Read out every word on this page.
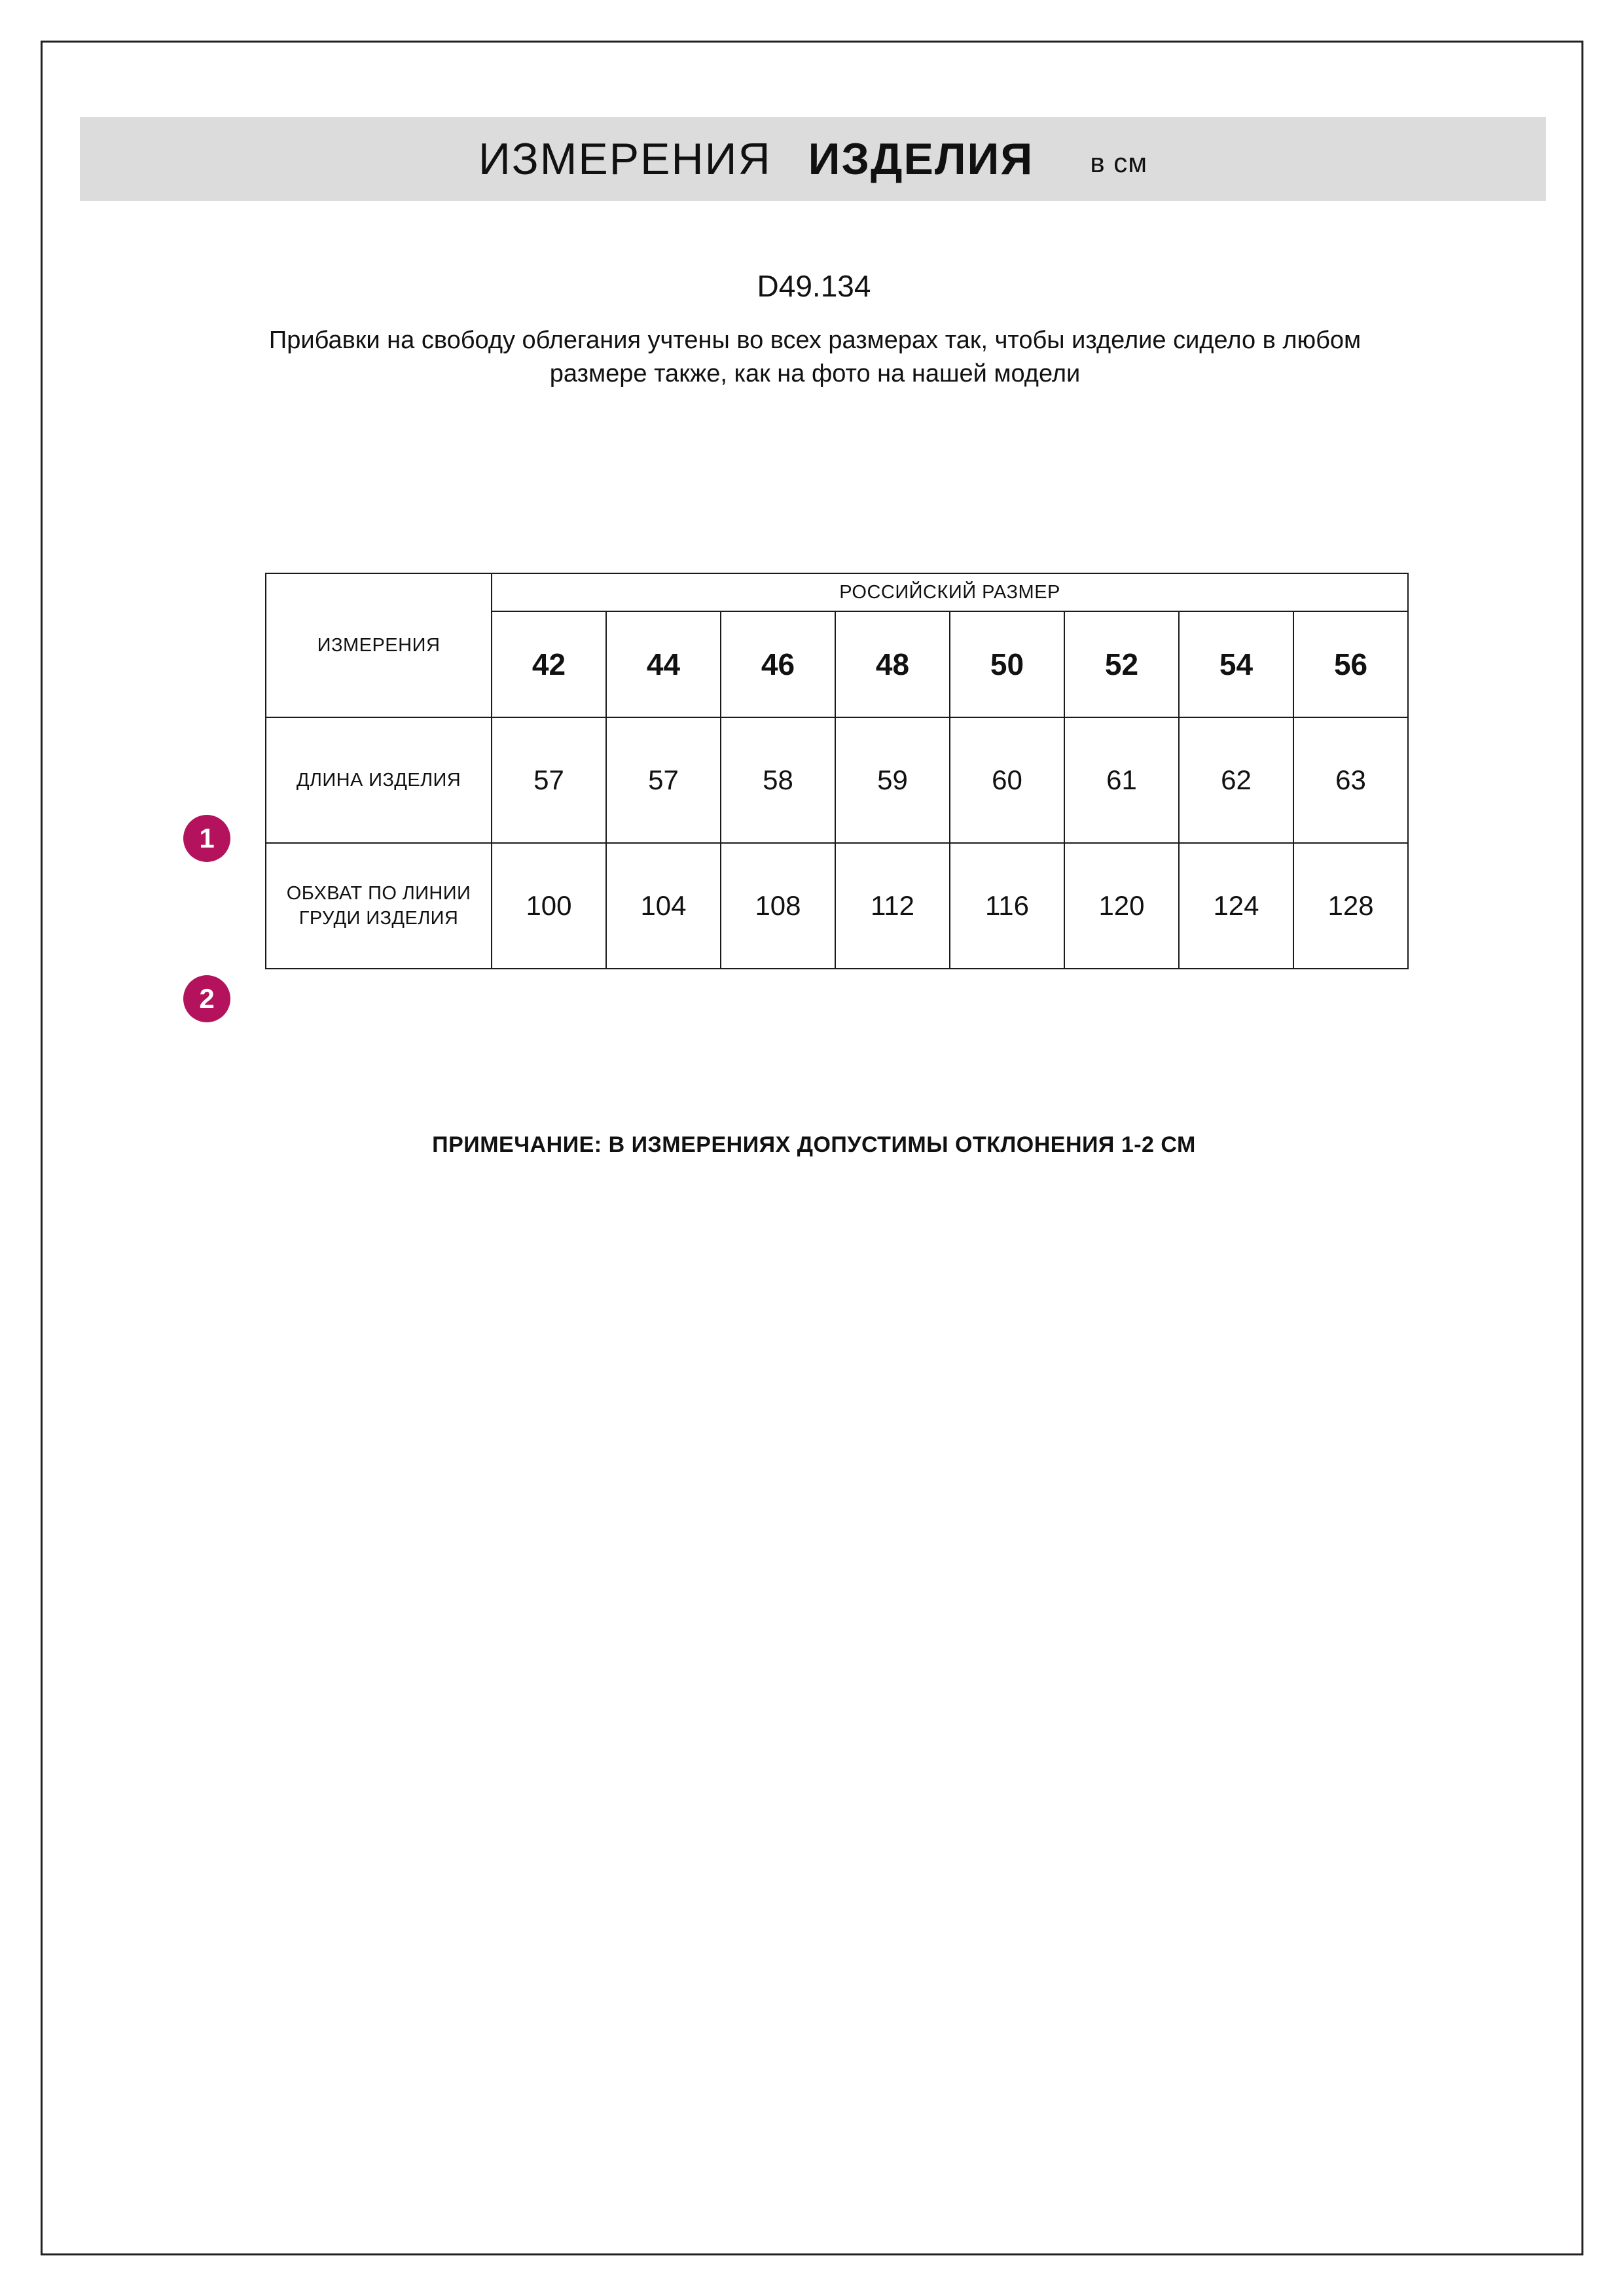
ИЗМЕРЕНИЯ ИЗДЕЛИЯ в см
D49.134
Прибавки на свободу облегания учтены во всех размерах так, чтобы изделие сидело в любом размере также, как на фото на нашей модели
ИЗМЕРЕНИЯ	РОССИЙСКИЙ РАЗМЕР							
	42	44	46	48	50	52	54	56
ДЛИНА ИЗДЕЛИЯ	57	57	58	59	60	61	62	63
ОБХВАТ ПО ЛИНИИ ГРУДИ ИЗДЕЛИЯ	100	104	108	112	116	120	124	128
1
2
ПРИМЕЧАНИЕ: В ИЗМЕРЕНИЯХ ДОПУСТИМЫ ОТКЛОНЕНИЯ 1-2 СМ
